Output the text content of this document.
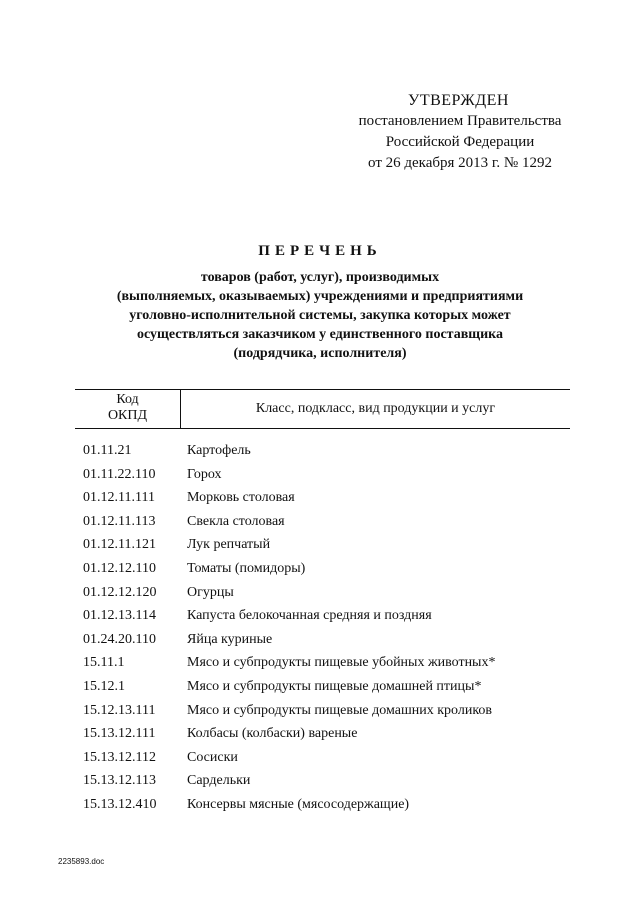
УТВЕРЖДЕН
постановлением Правительства
Российской Федерации
от 26 декабря 2013 г. № 1292
ПЕРЕЧЕНЬ
товаров (работ, услуг), производимых
(выполняемых, оказываемых) учреждениями и предприятиями
уголовно-исполнительной системы, закупка которых может
осуществляться заказчиком у единственного поставщика
(подрядчика, исполнителя)
Код
ОКПД	Класс, подкласс, вид продукции и услуг
01.11.21	Картофель
01.11.22.110	Горох
01.12.11.111	Морковь столовая
01.12.11.113	Свекла столовая
01.12.11.121	Лук репчатый
01.12.12.110	Томаты (помидоры)
01.12.12.120	Огурцы
01.12.13.114	Капуста белокочанная средняя и поздняя
01.24.20.110	Яйца куриные
15.11.1	Мясо и субпродукты пищевые убойных животных*
15.12.1	Мясо и субпродукты пищевые домашней птицы*
15.12.13.111	Мясо и субпродукты пищевые домашних кроликов
15.13.12.111	Колбасы (колбаски) вареные
15.13.12.112	Сосиски
15.13.12.113	Сардельки
15.13.12.410	Консервы мясные (мясосодержащие)
2235893.doc
